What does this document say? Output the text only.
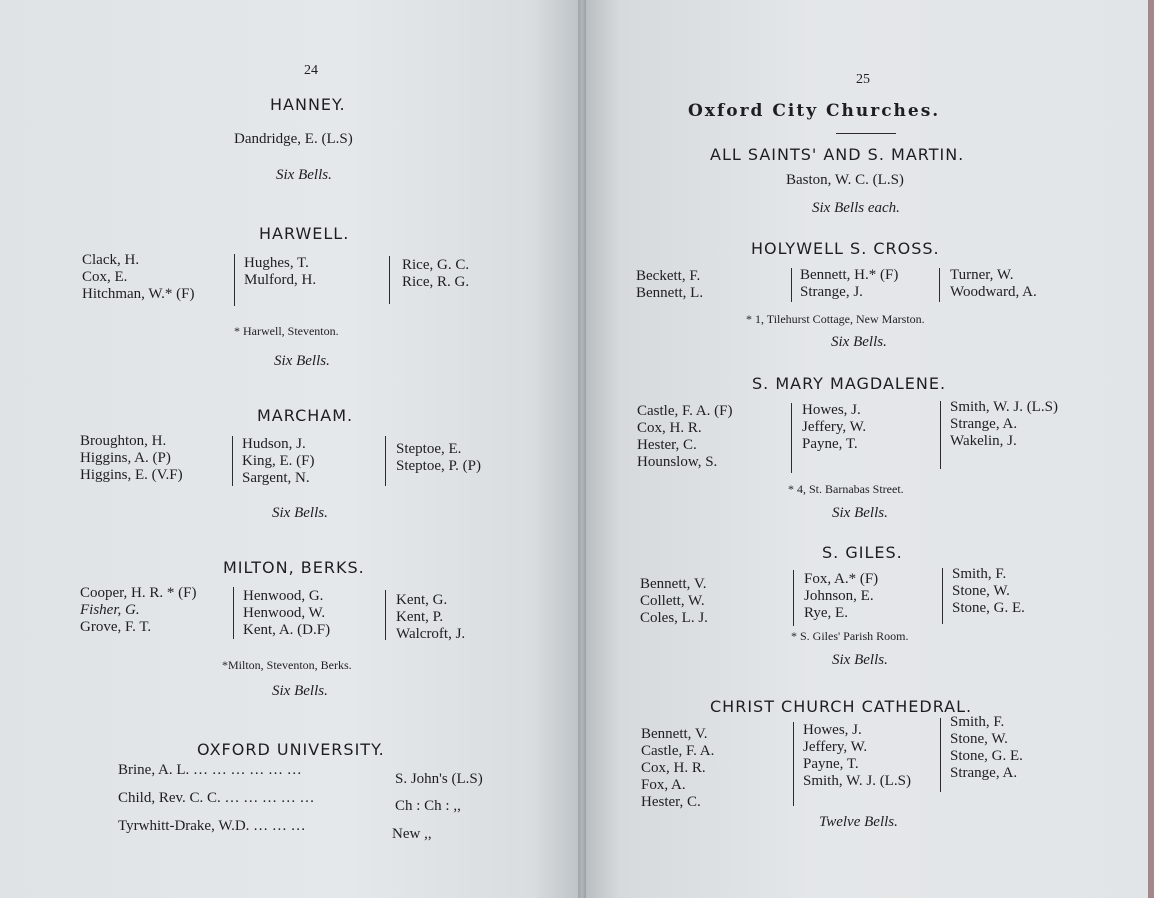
24
HANNEY.
Dandridge, E. (L.S)
Six Bells.
HARWELL.
Clack, H.
Cox, E.
Hitchman, W.* (F)
Hughes, T.
Mulford, H.
Rice, G. C.
Rice, R. G.
* Harwell, Steventon.
Six Bells.
MARCHAM.
Broughton, H.
Higgins, A. (P)
Higgins, E. (V.F)
Hudson, J.
King, E. (F)
Sargent, N.
Steptoe, E.
Steptoe, P. (P)
Six Bells.
MILTON, BERKS.
Cooper, H. R. * (F)
Fisher, G.
Grove, F. T.
Henwood, G.
Henwood, W.
Kent, A. (D.F)
Kent, G.
Kent, P.
Walcroft, J.
*Milton, Steventon, Berks.
Six Bells.
OXFORD UNIVERSITY.
Brine, A. L. … … … … … …
S. John's (L.S)
Child, Rev. C. C. … … … … …	Ch : Ch : ,,
Tyrwhitt-Drake, W.D. … … …	New ,,
25
Oxford City Churches.
ALL SAINTS' AND S. MARTIN.
Baston, W. C. (L.S)
Six Bells each.
HOLYWELL S. CROSS.
Beckett, F.
Bennett, L.
Bennett, H.* (F)
Strange, J.
Turner, W.
Woodward, A.
* 1, Tilehurst Cottage, New Marston.
Six Bells.
S. MARY MAGDALENE.
Castle, F. A. (F)
Cox, H. R.
Hester, C.
Hounslow, S.
Howes, J.
Jeffery, W.
Payne, T.
Smith, W. J. (L.S)
Strange, A.
Wakelin, J.
* 4, St. Barnabas Street.
Six Bells.
S. GILES.
Bennett, V.
Collett, W.
Coles, L. J.
Fox, A.* (F)
Johnson, E.
Rye, E.
Smith, F.
Stone, W.
Stone, G. E.
* S. Giles' Parish Room.
Six Bells.
CHRIST CHURCH CATHEDRAL.
Bennett, V.
Castle, F. A.
Cox, H. R.
Fox, A.
Hester, C.
Howes, J.
Jeffery, W.
Payne, T.
Smith, W. J. (L.S)
Smith, F.
Stone, W.
Stone, G. E.
Strange, A.
Twelve Bells.
